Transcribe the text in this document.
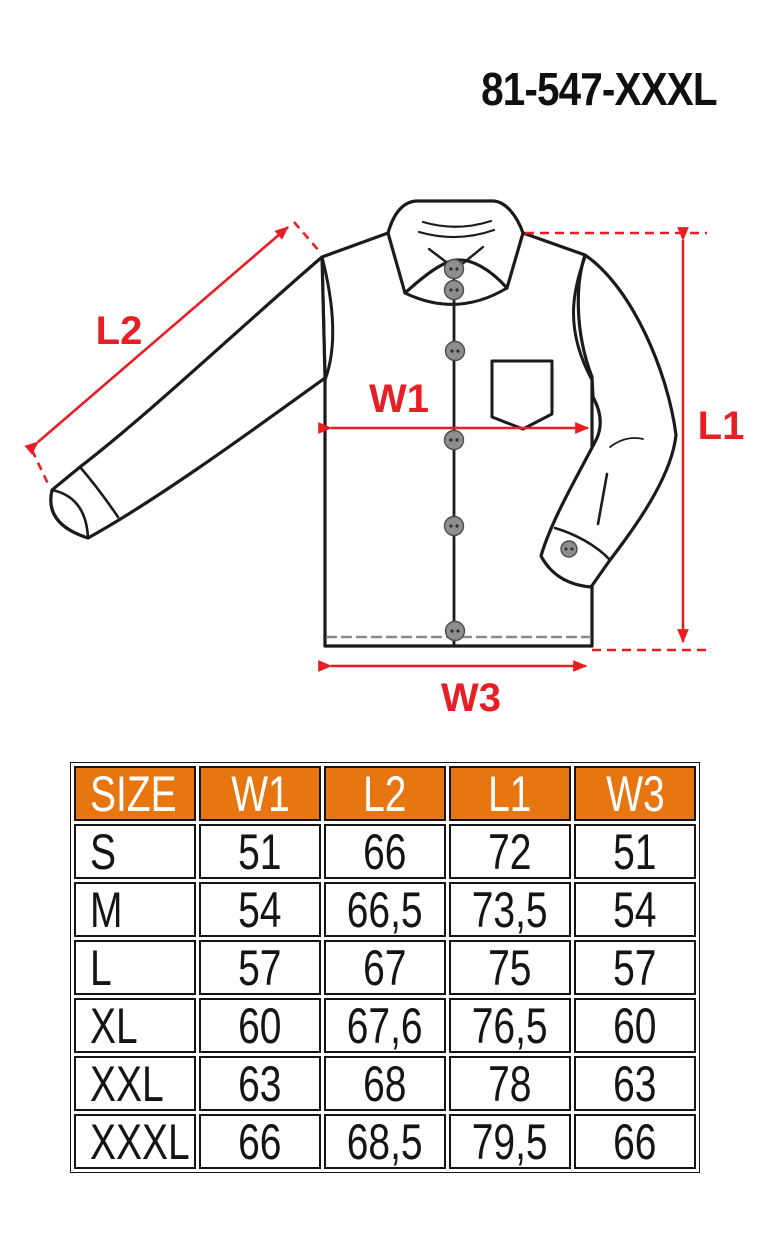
81-547-XXXL
L2
W1
L1
W3
SIZE	W1	L2	L1	W3
S	51	66	72	51
M	54	66,5	73,5	54
L	57	67	75	57
XL	60	67,6	76,5	60
XXL	63	68	78	63
XXXL	66	68,5	79,5	66
